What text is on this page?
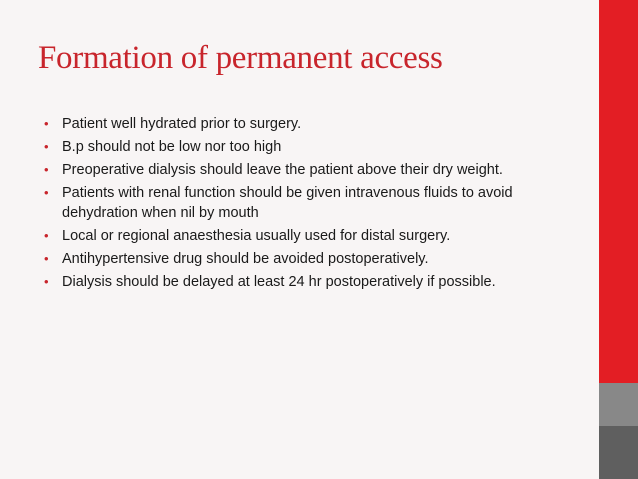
Formation of permanent access
• Patient well hydrated prior to surgery.
• B.p should not be low nor too high
• Preoperative dialysis should leave the patient above their dry weight.
• Patients with renal function should be given intravenous fluids to avoid dehydration when nil by mouth
• Local or regional anaesthesia usually used for distal surgery.
• Antihypertensive drug should be avoided postoperatively.
• Dialysis should be delayed at least 24 hr postoperatively if possible.
